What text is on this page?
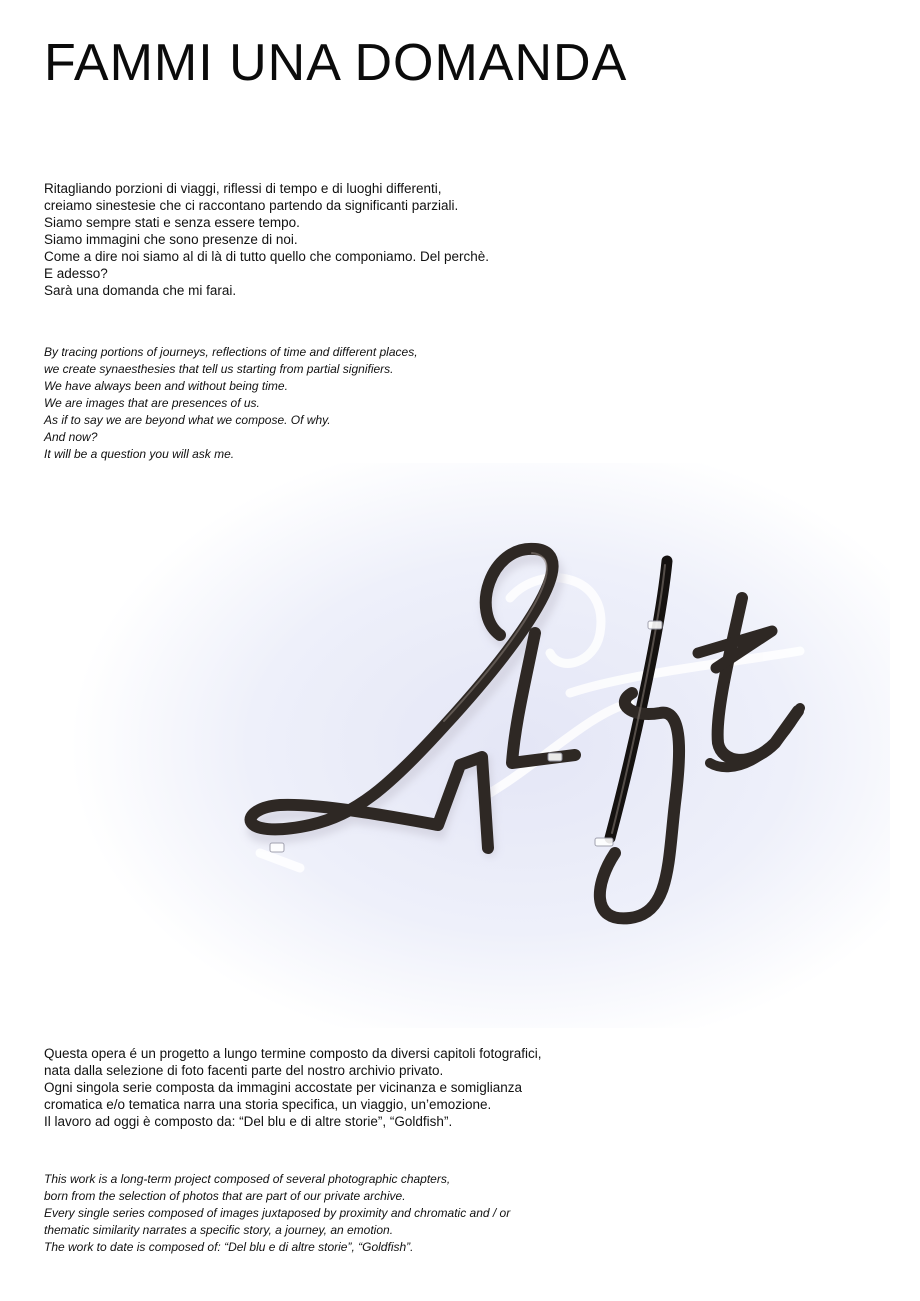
FAMMI UNA DOMANDA

Ritagliando porzioni di viaggi, riflessi di tempo e di luoghi differenti,

creiamo sinestesie che ci raccontano partendo da significanti parziali.

Siamo sempre stati e senza essere tempo.

Siamo immagini che sono presenze di noi.

Come a dire noi siamo al di là di tutto quello che componiamo. Del perchè.

E adesso?

Sarà una domanda che mi farai.

By tracing portions of journeys, reflections of time and different places,

we create synaesthesies that tell us starting from partial signifiers.

We have always been and without being time.

We are images that are presences of us.

As if to say we are beyond what we compose. Of why.

And now?

It will be a question you will ask me.

Questa opera é un progetto a lungo termine composto da diversi capitoli fotografici,

nata dalla selezione di foto facenti parte del nostro archivio privato.

Ogni singola serie composta da immagini accostate per vicinanza e somiglianza

cromatica e/o tematica narra una storia specifica, un viaggio, un’emozione.

Il lavoro ad oggi è composto da: “Del blu e di altre storie”, “Goldfish”.

This work is a long-term project composed of several photographic chapters,

born from the selection of photos that are part of our private archive.

Every single series composed of images juxtaposed by proximity and chromatic and / or

thematic similarity narrates a specific story, a journey, an emotion.

The work to date is composed of: “Del blu e di altre storie”, “Goldfish”.
